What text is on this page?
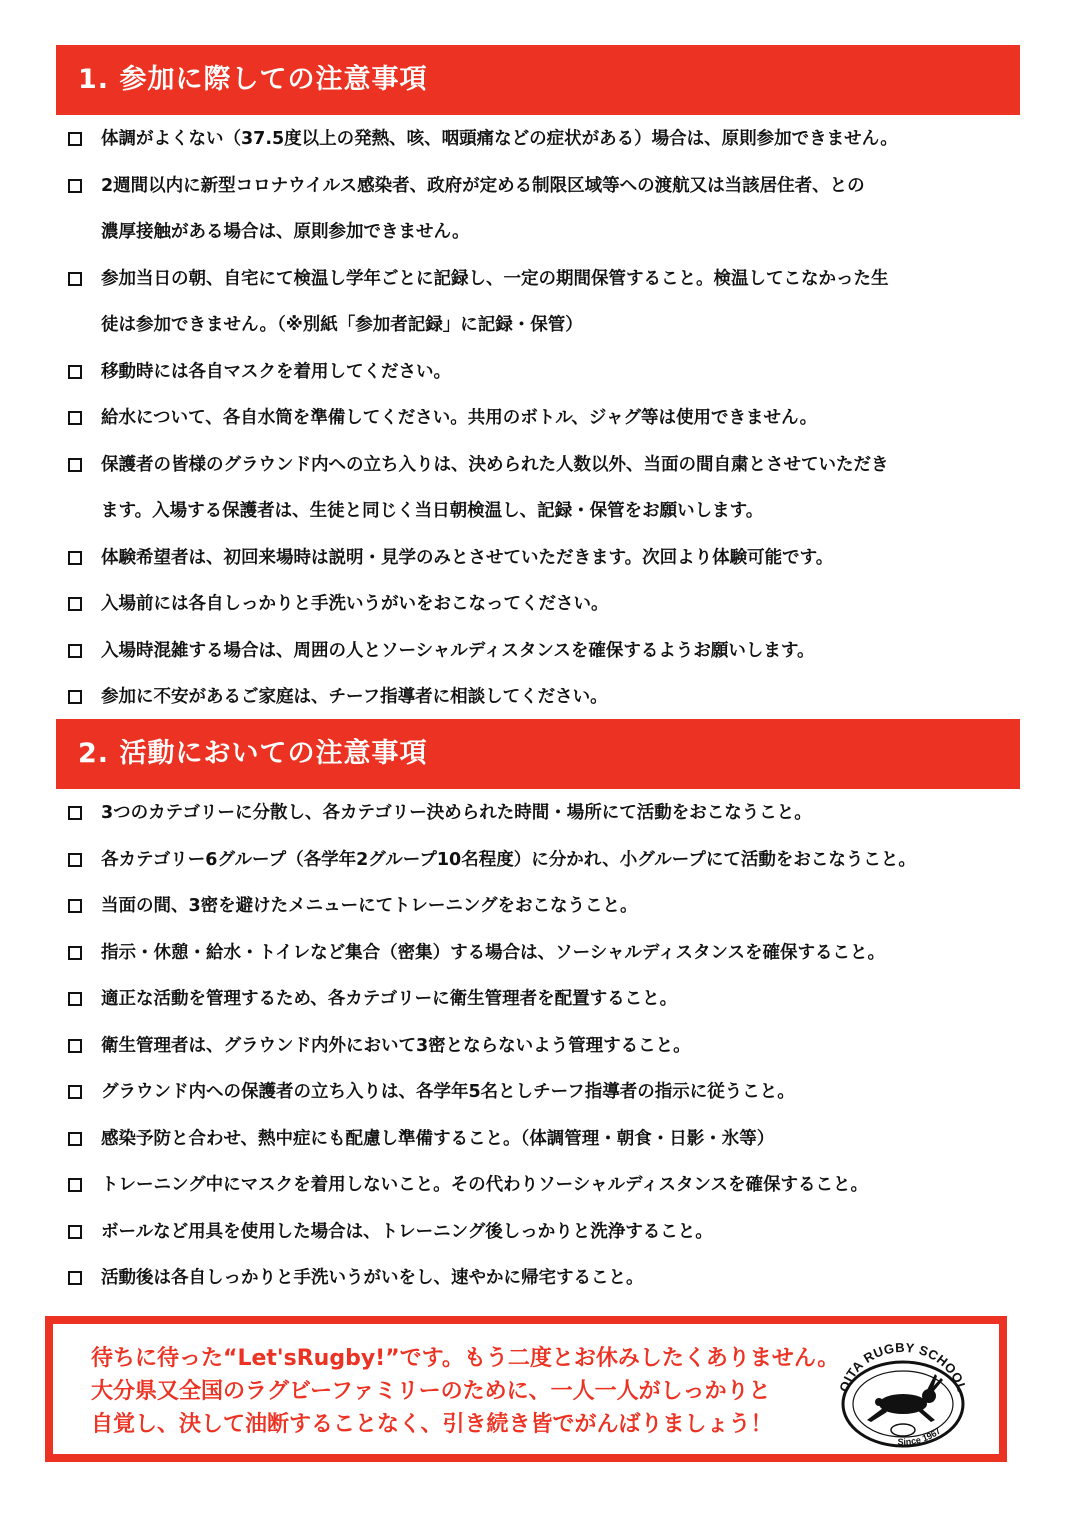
1. 参加に際しての注意事項
体調がよくない（37.5度以上の発熱、咳、咽頭痛などの症状がある）場合は、原則参加できません。
2週間以内に新型コロナウイルス感染者、政府が定める制限区域等への渡航又は当該居住者、との
濃厚接触がある場合は、原則参加できません。
参加当日の朝、自宅にて検温し学年ごとに記録し、一定の期間保管すること。検温してこなかった生
徒は参加できません。（※別紙「参加者記録」に記録・保管）
移動時には各自マスクを着用してください。
給水について、各自水筒を準備してください。共用のボトル、ジャグ等は使用できません。
保護者の皆様のグラウンド内への立ち入りは、決められた人数以外、当面の間自粛とさせていただき
ます。入場する保護者は、生徒と同じく当日朝検温し、記録・保管をお願いします。
体験希望者は、初回来場時は説明・見学のみとさせていただきます。次回より体験可能です。
入場前には各自しっかりと手洗いうがいをおこなってください。
入場時混雑する場合は、周囲の人とソーシャルディスタンスを確保するようお願いします。
参加に不安があるご家庭は、チーフ指導者に相談してください。
2. 活動においての注意事項
3つのカテゴリーに分散し、各カテゴリー決められた時間・場所にて活動をおこなうこと。
各カテゴリー6グループ（各学年2グループ10名程度）に分かれ、小グループにて活動をおこなうこと。
当面の間、3密を避けたメニューにてトレーニングをおこなうこと。
指示・休憩・給水・トイレなど集合（密集）する場合は、ソーシャルディスタンスを確保すること。
適正な活動を管理するため、各カテゴリーに衛生管理者を配置すること。
衛生管理者は、グラウンド内外において3密とならないよう管理すること。
グラウンド内への保護者の立ち入りは、各学年5名としチーフ指導者の指示に従うこと。
感染予防と合わせ、熱中症にも配慮し準備すること。（体調管理・朝食・日影・氷等）
トレーニング中にマスクを着用しないこと。その代わりソーシャルディスタンスを確保すること。
ボールなど用具を使用した場合は、トレーニング後しっかりと洗浄すること。
活動後は各自しっかりと手洗いうがいをし、速やかに帰宅すること。

待ちに待った“Let'sRugby!”です。もう二度とお休みしたくありません。
大分県又全国のラグビーファミリーのために、一人一人がしっかりと
自覚し、決して油断することなく、引き続き皆でがんばりましょう！

OITA RUGBY SCHOOL
Since 1967
